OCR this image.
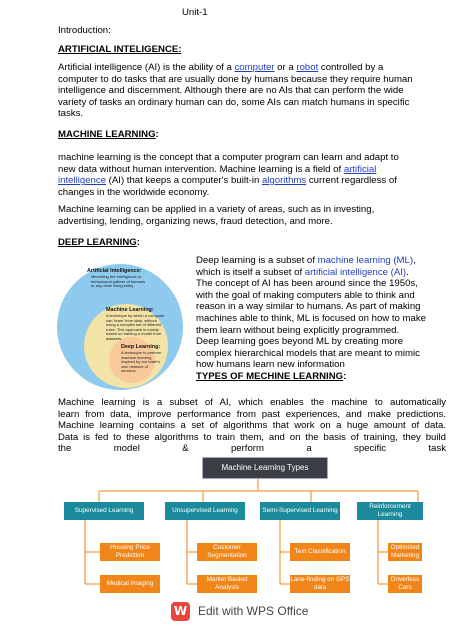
Unit-1
Introduction:
ARTIFICIAL INTELIGENCE:
Artificial intelligence (AI) is the ability of a computer or a robot controlled by a
computer to do tasks that are usually done by humans because they require human
intelligence and discernment. Although there are no AIs that can perform the wide
variety of tasks an ordinary human can do, some AIs can match humans in specific
tasks.
MACHINE LEARNING:
machine learning is the concept that a computer program can learn and adapt to
new data without human intervention. Machine learning is a field of artificial
intelligence (AI) that keeps a computer's built-in algorithms current regardless of
changes in the worldwide economy.
Machine learning can be applied in a variety of areas, such as in investing,
advertising, lending, organizing news, fraud detection, and more.
DEEP LEARNING:
Artificial Intelligence:
Mimicking the intelligence or
behavioural pattern of humans
or any other living entity.
Machine Learning:
A technique by which a computer
can 'learn' from data, without
using a complex set of different
rules. This approach is mainly
based on training a model from
datasets.
Deep Learning:
A technique to perform
machine learning
inspired by our brain's
own network of
neurons.
Deep learning is a subset of machine learning (ML),
which is itself a subset of artificial intelligence (AI).
The concept of AI has been around since the 1950s,
with the goal of making computers able to think and
reason in a way similar to humans. As part of making
machines able to think, ML is focused on how to make
them learn without being explicitly programmed.
Deep learning goes beyond ML by creating more
complex hierarchical models that are meant to mimic
how humans learn new information
TYPES OF MECHINE LEARNING:
Machine learning is a subset of AI, which enables the machine to automatically
learn from data, improve performance from past experiences, and make predictions.
Machine learning contains a set of algorithms that work on a huge amount of data.
Data is fed to these algorithms to train them, and on the basis of training, they build
the model & perform a specific task
Machine Learning Types
Supervised Learning	Unsupervised Learning	Semi-Supervised Learning
Reinforcement Learning
Housing Price Prediction
Medical Imaging
Customer Segmentation
Market Basket Analysis
Text Classification
Lane-finding on GPS data
Optimized Marketing
Driverless Cars
W Edit with WPS Office
